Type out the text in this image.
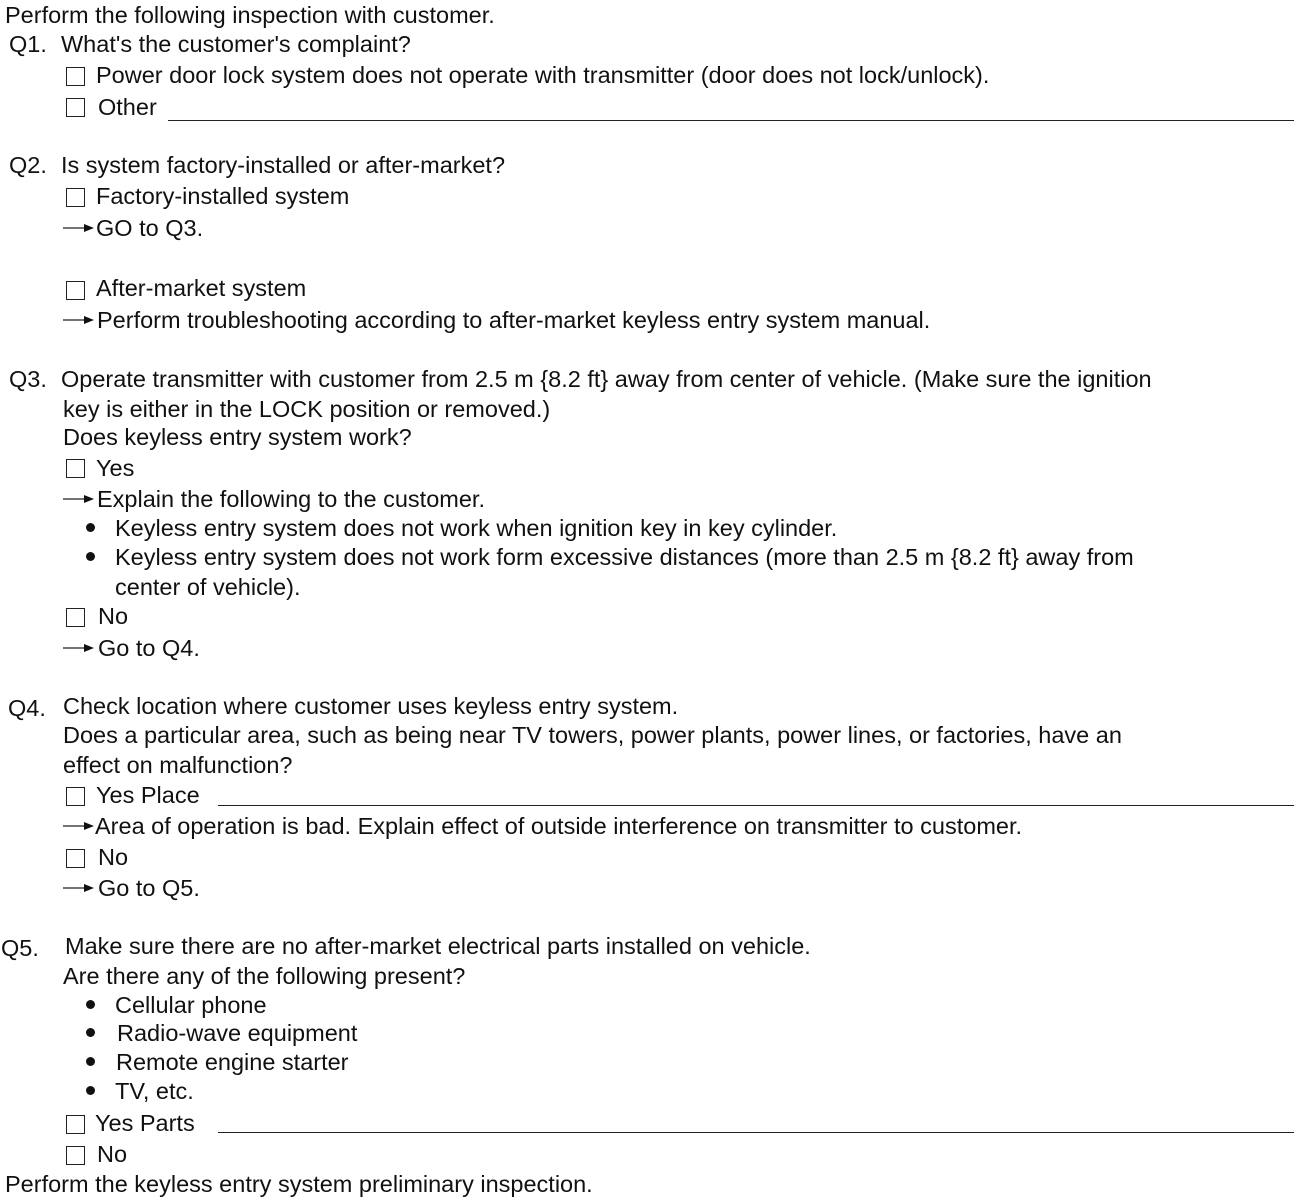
Perform the following inspection with customer.
Q1. What's the customer's complaint?
Power door lock system does not operate with transmitter (door does not lock/unlock).
Other
Q2. Is system factory-installed or after-market?
Factory-installed system
GO to Q3.
After-market system
Perform troubleshooting according to after-market keyless entry system manual.
Q3. Operate transmitter with customer from 2.5 m {8.2 ft} away from center of vehicle. (Make sure the ignition
key is either in the LOCK position or removed.)
Does keyless entry system work?
Yes
Explain the following to the customer.
Keyless entry system does not work when ignition key in key cylinder.
Keyless entry system does not work form excessive distances (more than 2.5 m {8.2 ft} away from
center of vehicle).
No
Go to Q4.
Q4. Check location where customer uses keyless entry system.
Does a particular area, such as being near TV towers, power plants, power lines, or factories, have an
effect on malfunction?
Yes Place
Area of operation is bad. Explain effect of outside interference on transmitter to customer.
No
Go to Q5.
Q5. Make sure there are no after-market electrical parts installed on vehicle.
Are there any of the following present?
Cellular phone
Radio-wave equipment
Remote engine starter
TV, etc.
Yes Parts
No
Perform the keyless entry system preliminary inspection.
